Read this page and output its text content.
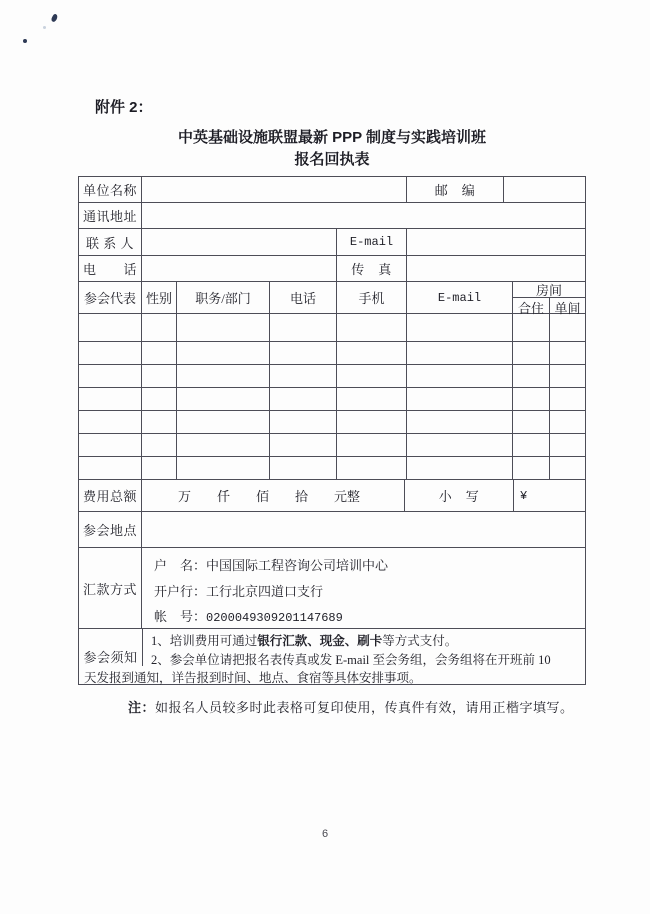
附件 2：
中英基础设施联盟最新 PPP 制度与实践培训班
报名回执表
单位名称	邮　编
通讯地址
联 系 人	E-mail
电　　话	传　真
参会代表 性别	职务/部门	电话	手机	E-mail	房间
合住 单间
费用总额	万　　仟　　佰　　拾　　元整	小　写	¥
参会地点
汇款方式
户　名：中国国际工程咨询公司培训中心
开户行：工行北京四道口支行
帐　号：0200049309201147689
参会须知
1、培训费用可通过银行汇款、现金、刷卡等方式支付。
2、参会单位请把报名表传真或发 E-mail 至会务组，会务组将在开班前 10
天发报到通知，详告报到时间、地点、食宿等具体安排事项。
注：如报名人员较多时此表格可复印使用，传真件有效，请用正楷字填写。
6
